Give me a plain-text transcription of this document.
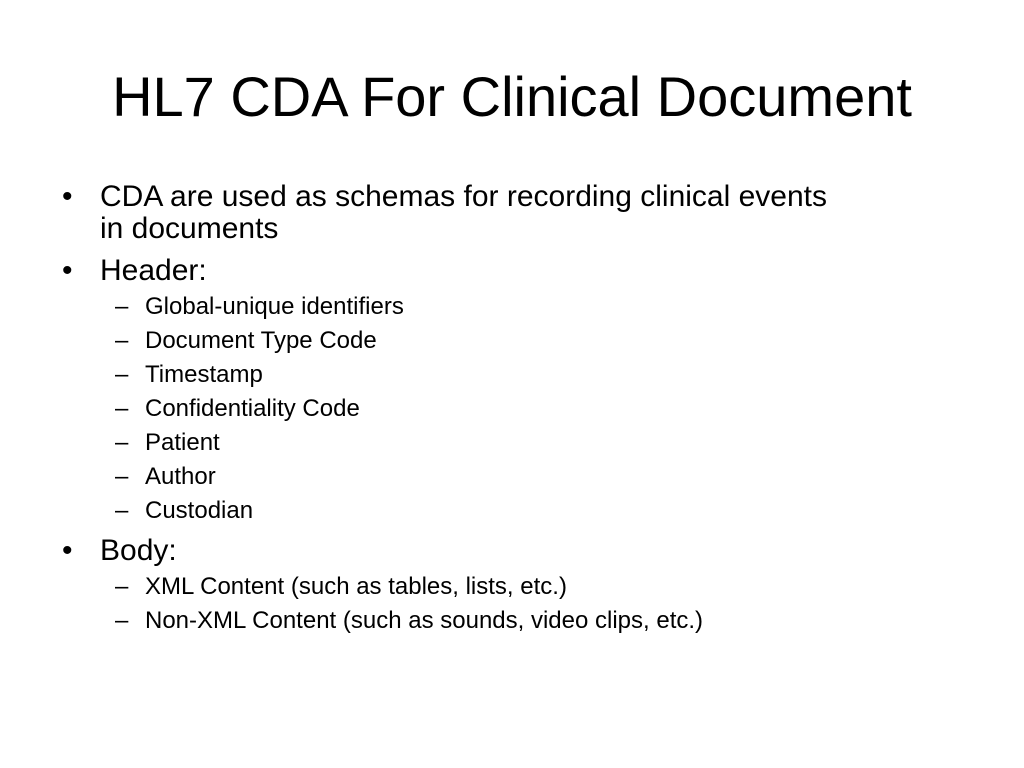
HL7 CDA For Clinical Document
• CDA are used as schemas for recording clinical events
in documents
• Header:
– Global-unique identifiers
– Document Type Code
– Timestamp
– Confidentiality Code
– Patient
– Author
– Custodian
• Body:
– XML Content (such as tables, lists, etc.)
– Non-XML Content (such as sounds, video clips, etc.)
